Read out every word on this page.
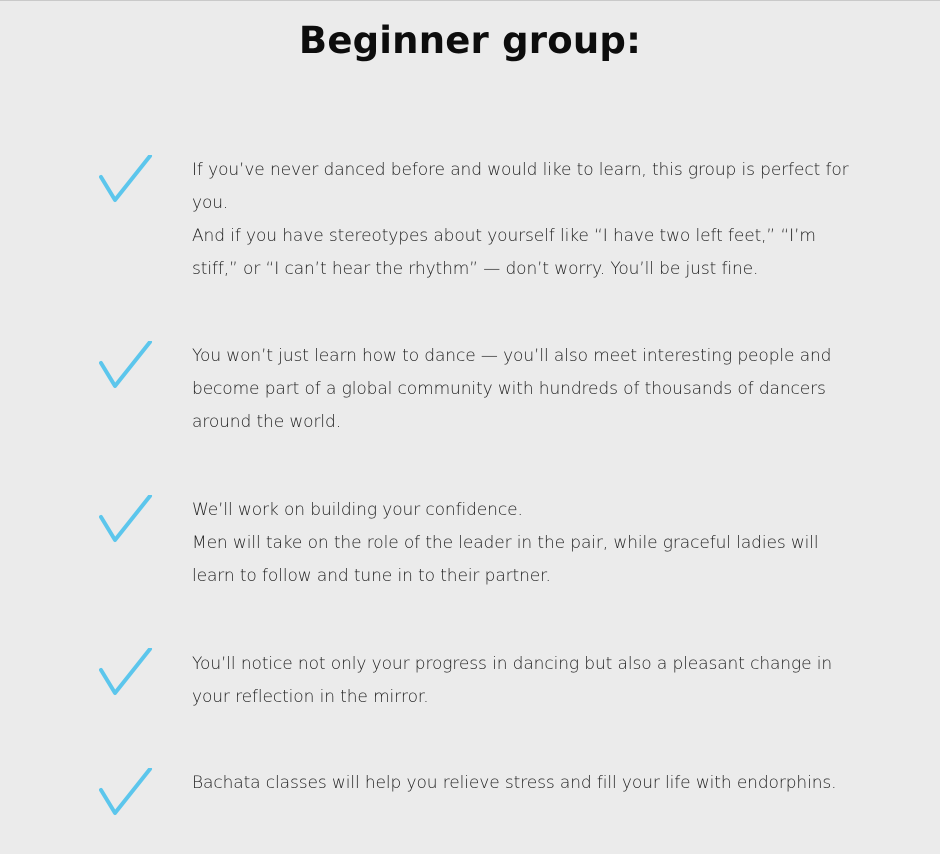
Beginner group:

If you’ve never danced before and would like to learn, this group is perfect for you.

And if you have stereotypes about yourself like “I have two left feet,” “I’m stiff,” or “I can’t hear the rhythm” — don’t worry. You’ll be just fine.

You won’t just learn how to dance — you’ll also meet interesting people and become part of a global community with hundreds of thousands of dancers around the world.

We’ll work on building your confidence.

Men will take on the role of the leader in the pair, while graceful ladies will learn to follow and tune in to their partner.

You’ll notice not only your progress in dancing but also a pleasant change in your reflection in the mirror.

Bachata classes will help you relieve stress and fill your life with endorphins.
